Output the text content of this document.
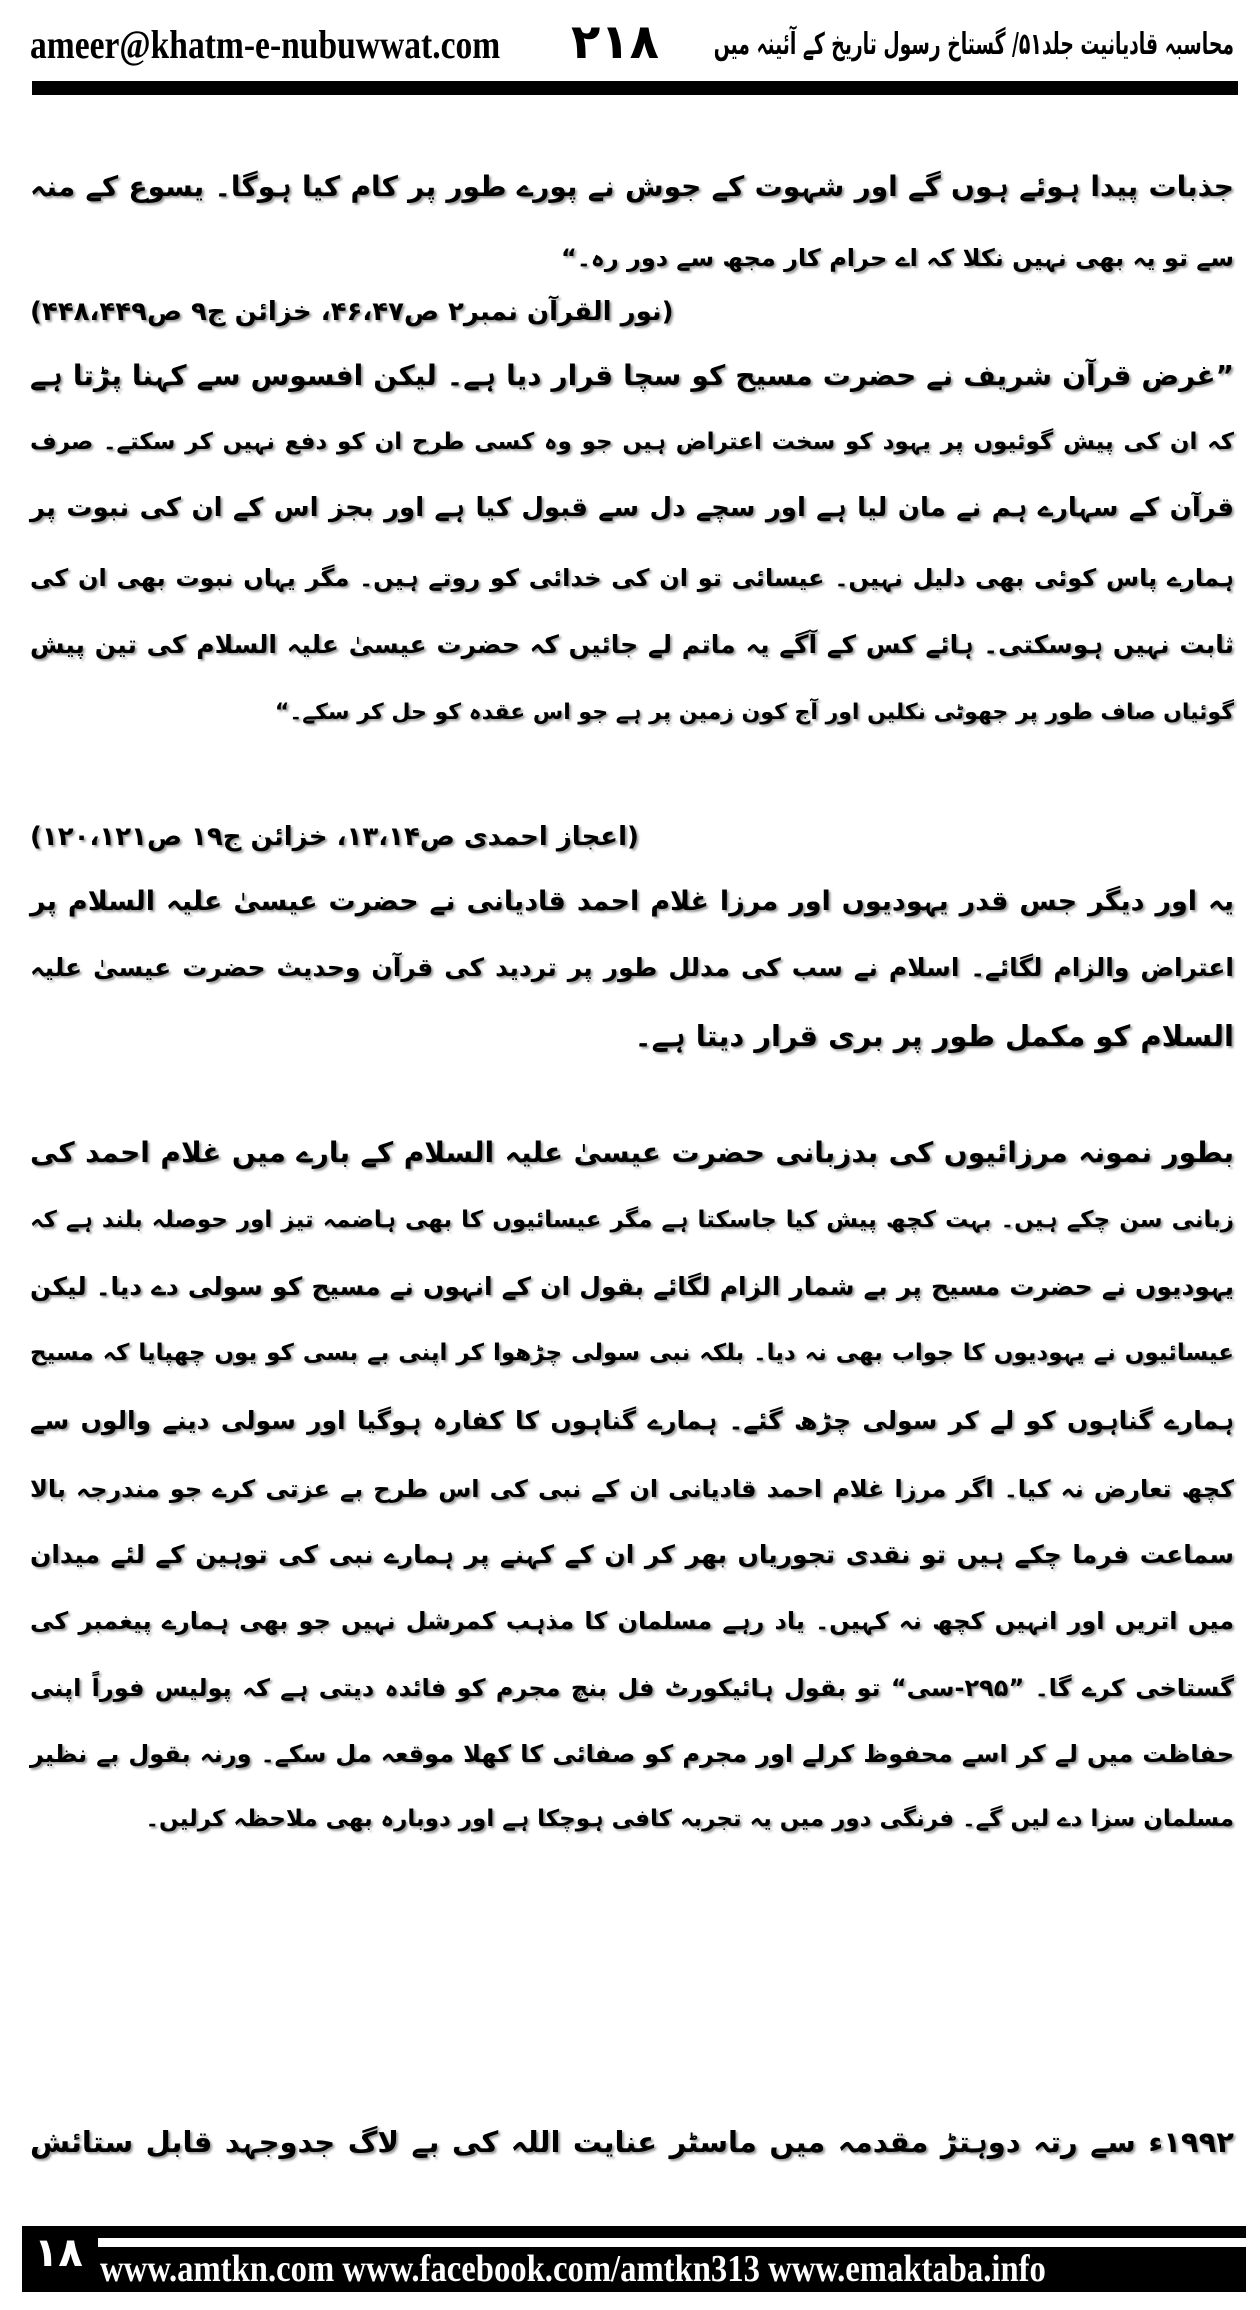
ameer@khatm-e-nubuwwat.com ۲۱۸	محاسبہ قادیانیت جلد۵۱/ گستاخ رسول تاریخ کے آئینہ میں
جذبات پیدا ہوئے ہوں گے اور شہوت کے جوش نے پورے طور پر کام کیا ہوگا۔ یسوع کے منہ
سے تو یہ بھی نہیں نکلا کہ اے حرام کار مجھ سے دور رہ۔“
(نور القرآن نمبر۲ ص۴۶،۴۷، خزائن ج۹ ص۴۴۸،۴۴۹)
”غرض قرآن شریف نے حضرت مسیح کو سچا قرار دیا ہے۔ لیکن افسوس سے کہنا پڑتا ہے
کہ ان کی پیش گوئیوں پر یہود کو سخت اعتراض ہیں جو وہ کسی طرح ان کو دفع نہیں کر سکتے۔ صرف
قرآن کے سہارے ہم نے مان لیا ہے اور سچے دل سے قبول کیا ہے اور بجز اس کے ان کی نبوت پر
ہمارے پاس کوئی بھی دلیل نہیں۔ عیسائی تو ان کی خدائی کو روتے ہیں۔ مگر یہاں نبوت بھی ان کی
ثابت نہیں ہوسکتی۔ ہائے کس کے آگے یہ ماتم لے جائیں کہ حضرت عیسیٰ علیہ السلام کی تین پیش
گوئیاں صاف طور پر جھوٹی نکلیں اور آج کون زمین پر ہے جو اس عقدہ کو حل کر سکے۔“
(اعجاز احمدی ص۱۳،۱۴، خزائن ج۱۹ ص۱۲۰،۱۲۱)
یہ اور دیگر جس قدر یہودیوں اور مرزا غلام احمد قادیانی نے حضرت عیسیٰ علیہ السلام پر
اعتراض والزام لگائے۔ اسلام نے سب کی مدلل طور پر تردید کی قرآن وحدیث حضرت عیسیٰ علیہ
السلام کو مکمل طور پر بری قرار دیتا ہے۔
بطور نمونہ مرزائیوں کی بدزبانی حضرت عیسیٰ علیہ السلام کے بارے میں غلام احمد کی
زبانی سن چکے ہیں۔ بہت کچھ پیش کیا جاسکتا ہے مگر عیسائیوں کا بھی ہاضمہ تیز اور حوصلہ بلند ہے کہ
یہودیوں نے حضرت مسیح پر بے شمار الزام لگائے بقول ان کے انہوں نے مسیح کو سولی دے دیا۔ لیکن
عیسائیوں نے یہودیوں کا جواب بھی نہ دیا۔ بلکہ نبی سولی چڑھوا کر اپنی بے بسی کو یوں چھپایا کہ مسیح
ہمارے گناہوں کو لے کر سولی چڑھ گئے۔ ہمارے گناہوں کا کفارہ ہوگیا اور سولی دینے والوں سے
کچھ تعارض نہ کیا۔ اگر مرزا غلام احمد قادیانی ان کے نبی کی اس طرح بے عزتی کرے جو مندرجہ بالا
سماعت فرما چکے ہیں تو نقدی تجوریاں بھر کر ان کے کہنے پر ہمارے نبی کی توہین کے لئے میدان
میں اتریں اور انہیں کچھ نہ کہیں۔ یاد رہے مسلمان کا مذہب کمرشل نہیں جو بھی ہمارے پیغمبر کی
گستاخی کرے گا۔ ”۲۹۵-سی“ تو بقول ہائیکورٹ فل بنچ مجرم کو فائدہ دیتی ہے کہ پولیس فوراً اپنی
حفاظت میں لے کر اسے محفوظ کرلے اور مجرم کو صفائی کا کھلا موقعہ مل سکے۔ ورنہ بقول بے نظیر
مسلمان سزا دے لیں گے۔ فرنگی دور میں یہ تجربہ کافی ہوچکا ہے اور دوبارہ بھی ملاحظہ کرلیں۔
۱۹۹۲ء سے رتہ دوہتڑ مقدمہ میں ماسٹر عنایت اللہ کی بے لاگ جدوجہد قابل ستائش
۱۸ www.amtkn.com www.facebook.com/amtkn313 www.emaktaba.info
